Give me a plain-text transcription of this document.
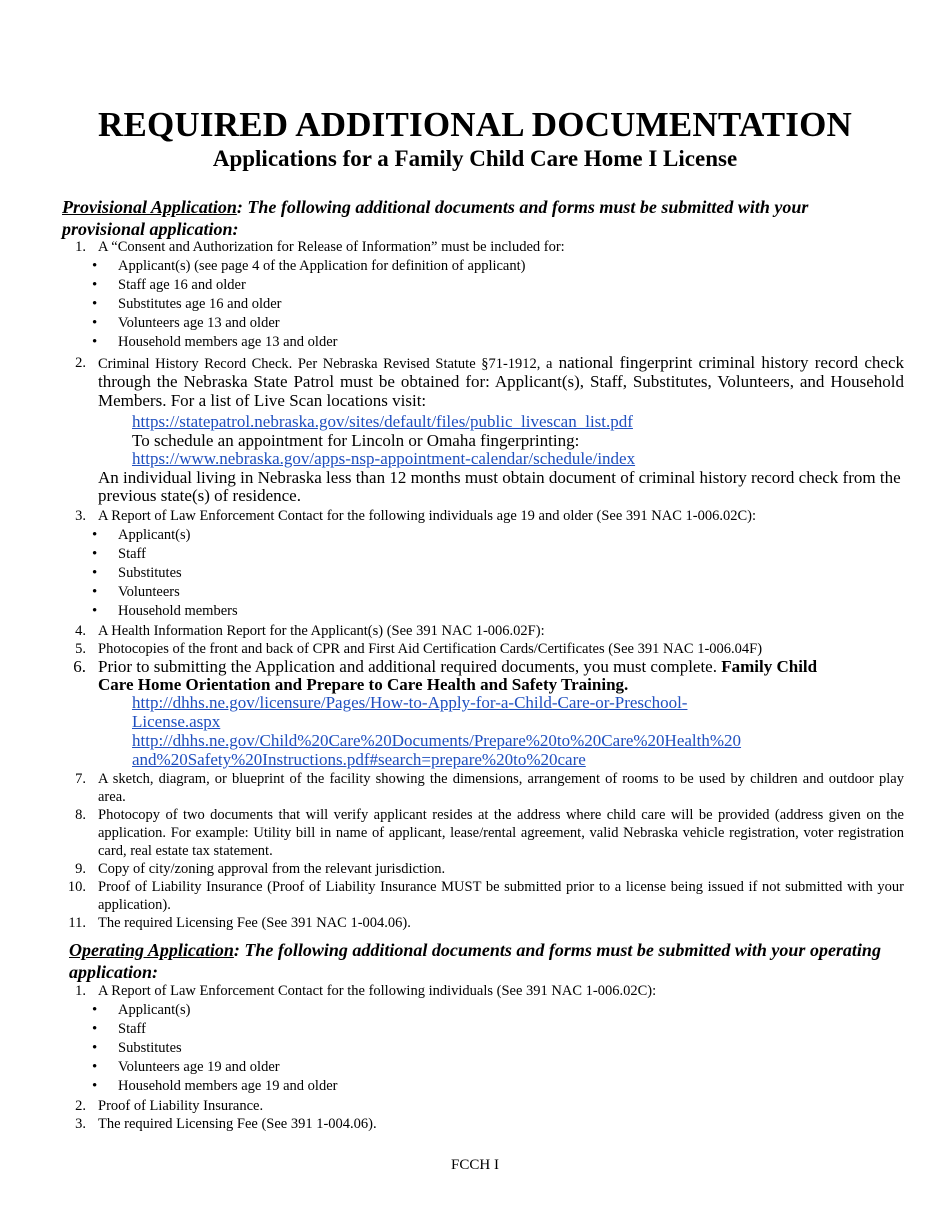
REQUIRED ADDITIONAL DOCUMENTATION
Applications for a Family Child Care Home I License
Provisional Application: The following additional documents and forms must be submitted with your provisional application:
1. A “Consent and Authorization for Release of Information” must be included for:
• Applicant(s) (see page 4 of the Application for definition of applicant)
• Staff age 16 and older
• Substitutes age 16 and older
• Volunteers age 13 and older
• Household members age 13 and older
2. Criminal History Record Check. Per Nebraska Revised Statute §71-1912, a national fingerprint criminal history record check through the Nebraska State Patrol must be obtained for: Applicant(s), Staff, Substitutes, Volunteers, and Household Members. For a list of Live Scan locations visit:
https://statepatrol.nebraska.gov/sites/default/files/public_livescan_list.pdf
To schedule an appointment for Lincoln or Omaha fingerprinting:
https://www.nebraska.gov/apps-nsp-appointment-calendar/schedule/index
An individual living in Nebraska less than 12 months must obtain document of criminal history record check from the previous state(s) of residence.
3. A Report of Law Enforcement Contact for the following individuals age 19 and older (See 391 NAC 1-006.02C):
• Applicant(s)
• Staff
• Substitutes
• Volunteers
• Household members
4. A Health Information Report for the Applicant(s) (See 391 NAC 1-006.02F):
5. Photocopies of the front and back of CPR and First Aid Certification Cards/Certificates (See 391 NAC 1-006.04F)
6. Prior to submitting the Application and additional required documents, you must complete. Family Child Care Home Orientation and Prepare to Care Health and Safety Training.
http://dhhs.ne.gov/licensure/Pages/How-to-Apply-for-a-Child-Care-or-Preschool-
License.aspx
http://dhhs.ne.gov/Child%20Care%20Documents/Prepare%20to%20Care%20Health%20
and%20Safety%20Instructions.pdf#search=prepare%20to%20care
7. A sketch, diagram, or blueprint of the facility showing the dimensions, arrangement of rooms to be used by children and outdoor play area.
8. Photocopy of two documents that will verify applicant resides at the address where child care will be provided (address given on the application. For example: Utility bill in name of applicant, lease/rental agreement, valid Nebraska vehicle registration, voter registration card, real estate tax statement.
9. Copy of city/zoning approval from the relevant jurisdiction.
10. Proof of Liability Insurance (Proof of Liability Insurance MUST be submitted prior to a license being issued if not submitted with your application).
11. The required Licensing Fee (See 391 NAC 1-004.06).
Operating Application: The following additional documents and forms must be submitted with your operating application:
1. A Report of Law Enforcement Contact for the following individuals (See 391 NAC 1-006.02C):
• Applicant(s)
• Staff
• Substitutes
• Volunteers age 19 and older
• Household members age 19 and older
2. Proof of Liability Insurance.
3. The required Licensing Fee (See 391 1-004.06).
FCCH I
